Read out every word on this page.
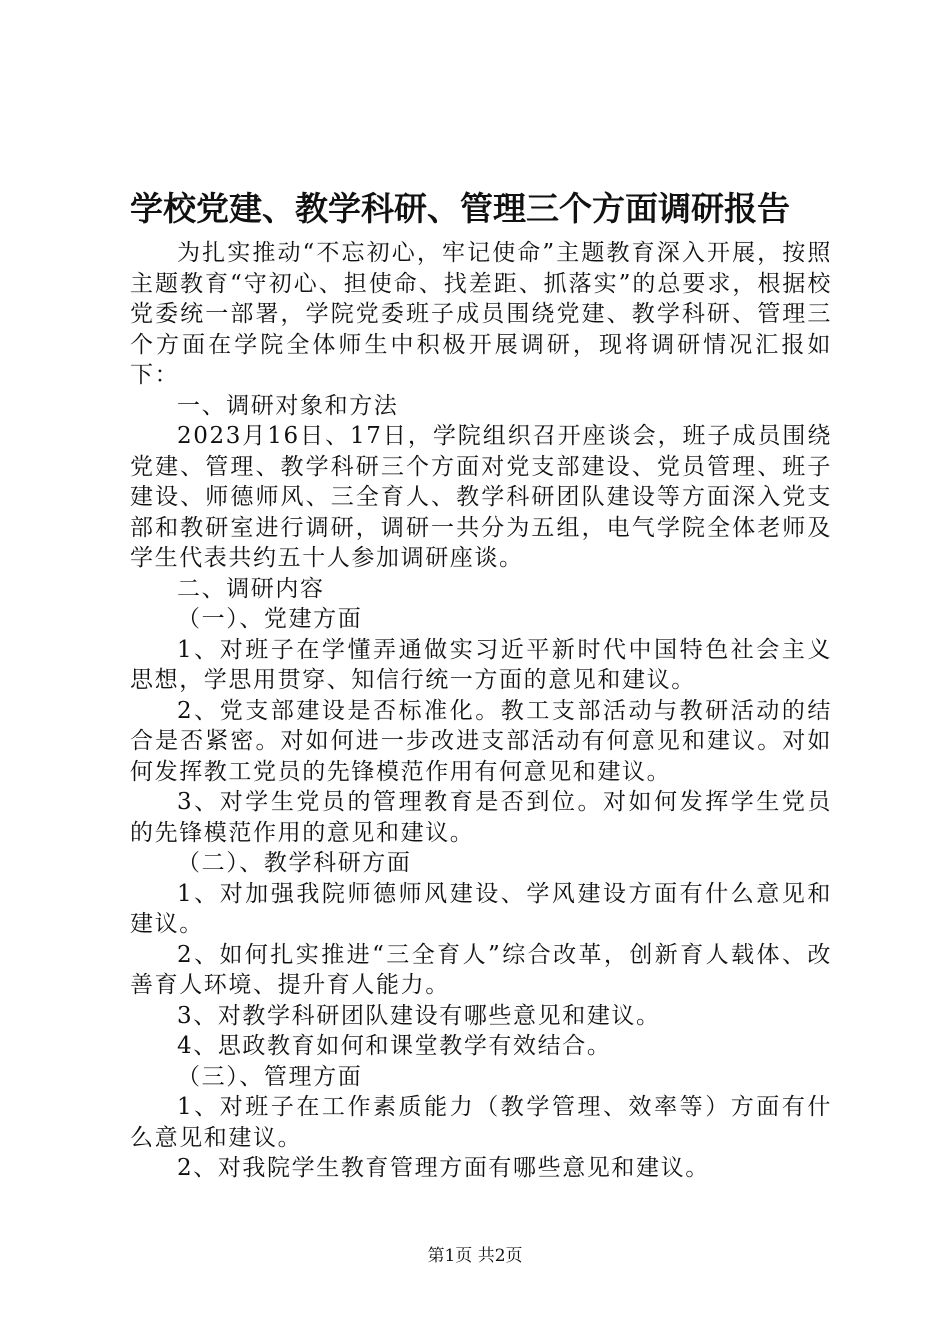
学校党建、教学科研、管理三个方面调研报告

为扎实推动“不忘初心，牢记使命”主题教育深入开展，按照主题教育“守初心、担使命、找差距、抓落实”的总要求，根据校党委统一部署，学院党委班子成员围绕党建、教学科研、管理三个方面在学院全体师生中积极开展调研，现将调研情况汇报如下：

一、调研对象和方法

2023月16日、17日，学院组织召开座谈会，班子成员围绕党建、管理、教学科研三个方面对党支部建设、党员管理、班子建设、师德师风、三全育人、教学科研团队建设等方面深入党支部和教研室进行调研，调研一共分为五组，电气学院全体老师及学生代表共约五十人参加调研座谈。

二、调研内容

（一）、党建方面

1、对班子在学懂弄通做实习近平新时代中国特色社会主义思想，学思用贯穿、知信行统一方面的意见和建议。

2、党支部建设是否标准化。教工支部活动与教研活动的结合是否紧密。对如何进一步改进支部活动有何意见和建议。对如何发挥教工党员的先锋模范作用有何意见和建议。

3、对学生党员的管理教育是否到位。对如何发挥学生党员的先锋模范作用的意见和建议。

（二）、教学科研方面

1、对加强我院师德师风建设、学风建设方面有什么意见和建议。

2、如何扎实推进“三全育人”综合改革，创新育人载体、改善育人环境、提升育人能力。

3、对教学科研团队建设有哪些意见和建议。

4、思政教育如何和课堂教学有效结合。

（三）、管理方面

1、对班子在工作素质能力（教学管理、效率等）方面有什么意见和建议。

2、对我院学生教育管理方面有哪些意见和建议。

第1页 共2页
